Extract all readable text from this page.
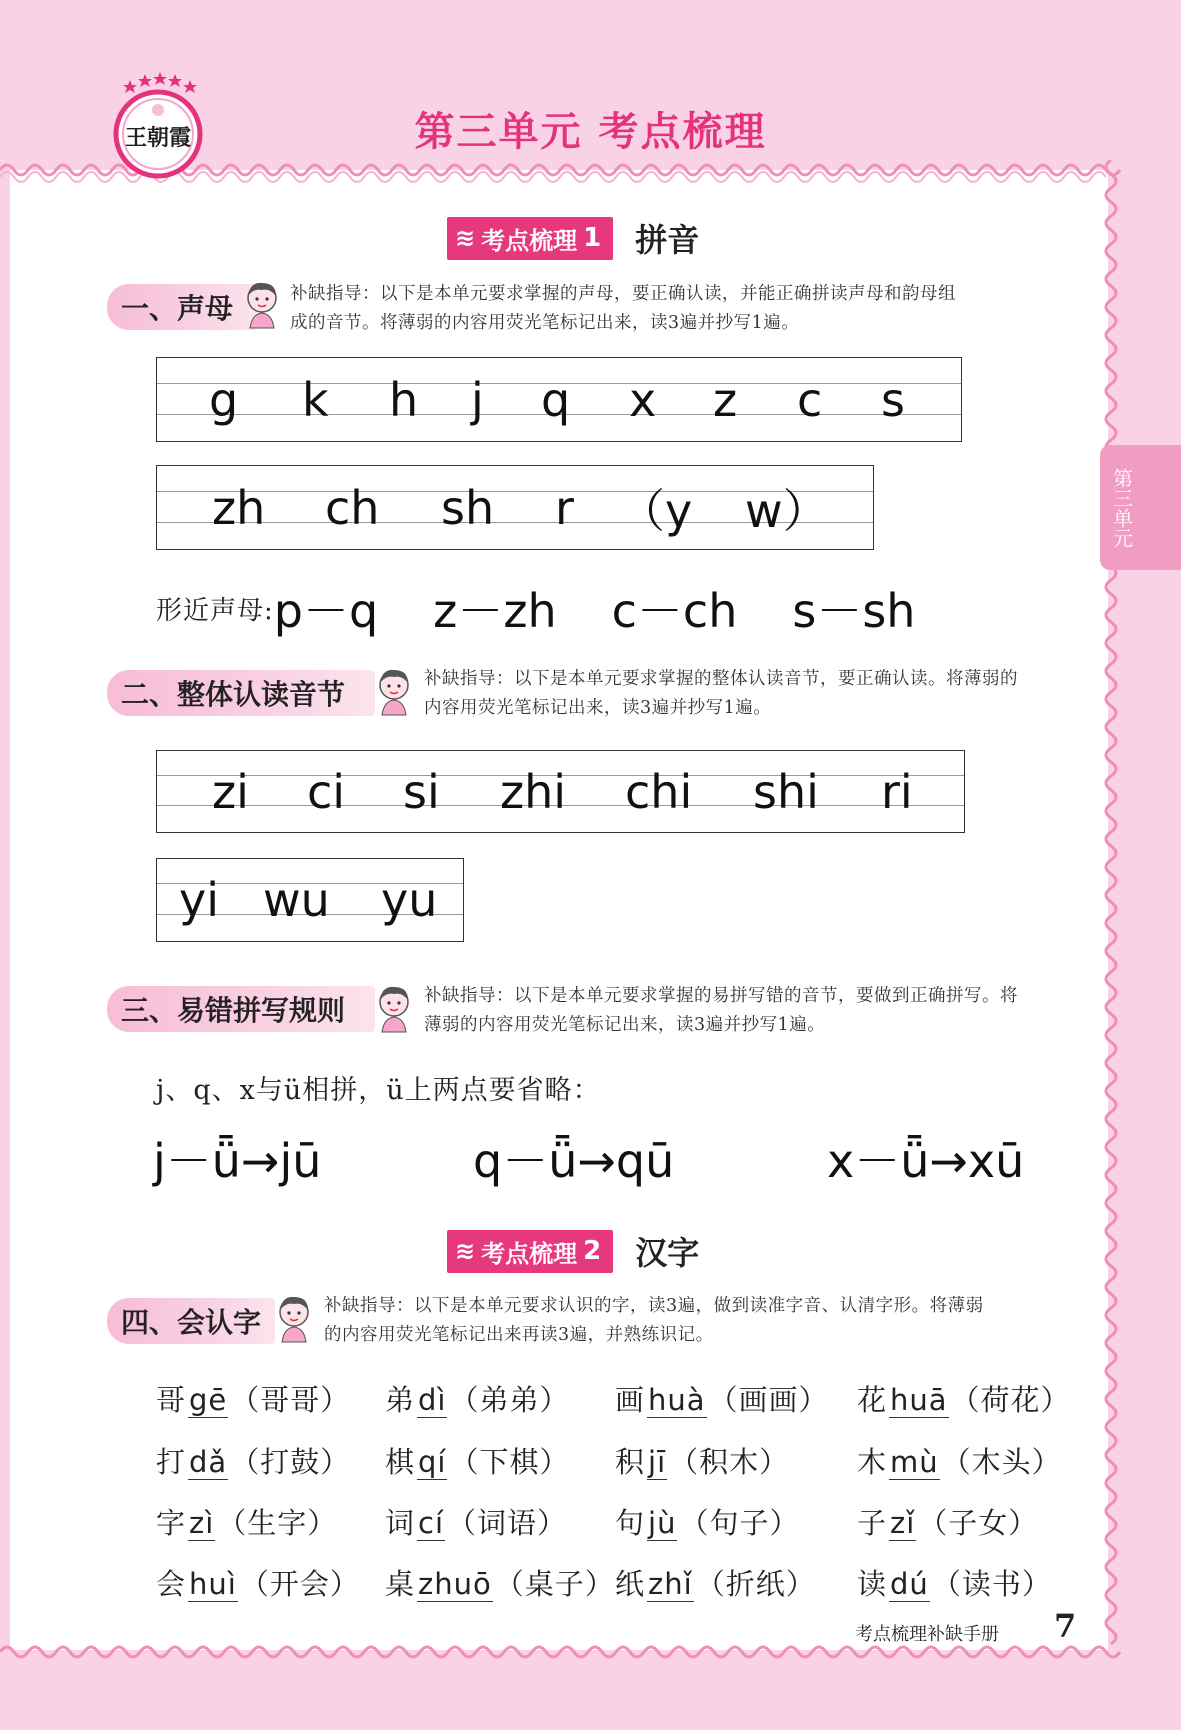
王朝霞	第三单元 考点梳理
第三单元
≋ 考点梳理 1 拼音
一、声母	补缺指导：以下是本单元要求掌握的声母，要正确认读，并能正确拼读声母和韵母组
成的音节。将薄弱的内容用荧光笔标记出来，读3遍并抄写1遍。
g k h j q x z c s
zh ch sh r （y w）
形近声母: p－q z－zh c－ch s－sh
二、整体认读音节	补缺指导：以下是本单元要求掌握的整体认读音节，要正确认读。将薄弱的
内容用荧光笔标记出来，读3遍并抄写1遍。
zi ci si zhi chi shi ri
yi wu yu
三、易错拼写规则	补缺指导：以下是本单元要求掌握的易拼写错的音节，要做到正确拼写。将
薄弱的内容用荧光笔标记出来，读3遍并抄写1遍。
j、q、x与ü相拼，ü上两点要省略：
j－ǖ→jū	q－ǖ→qū	x－ǖ→xū
≋ 考点梳理 2 汉字
四、会认字	补缺指导：以下是本单元要求认识的字，读3遍，做到读准字音、认清字形。将薄弱
的内容用荧光笔标记出来再读3遍，并熟练识记。
哥 gē （哥哥） 弟 dì （弟弟） 画 huà （画画） 花 huā （荷花）
打 dǎ （打鼓） 棋 qí （下棋） 积 jī （积木） 木 mù （木头）
字 zì （生字） 词 cí （词语） 句 jù （句子） 子 zǐ （子女）
会 huì （开会） 桌 zhuō （桌子） 纸 zhǐ （折纸） 读 dú （读书）
考点梳理补缺手册 7
